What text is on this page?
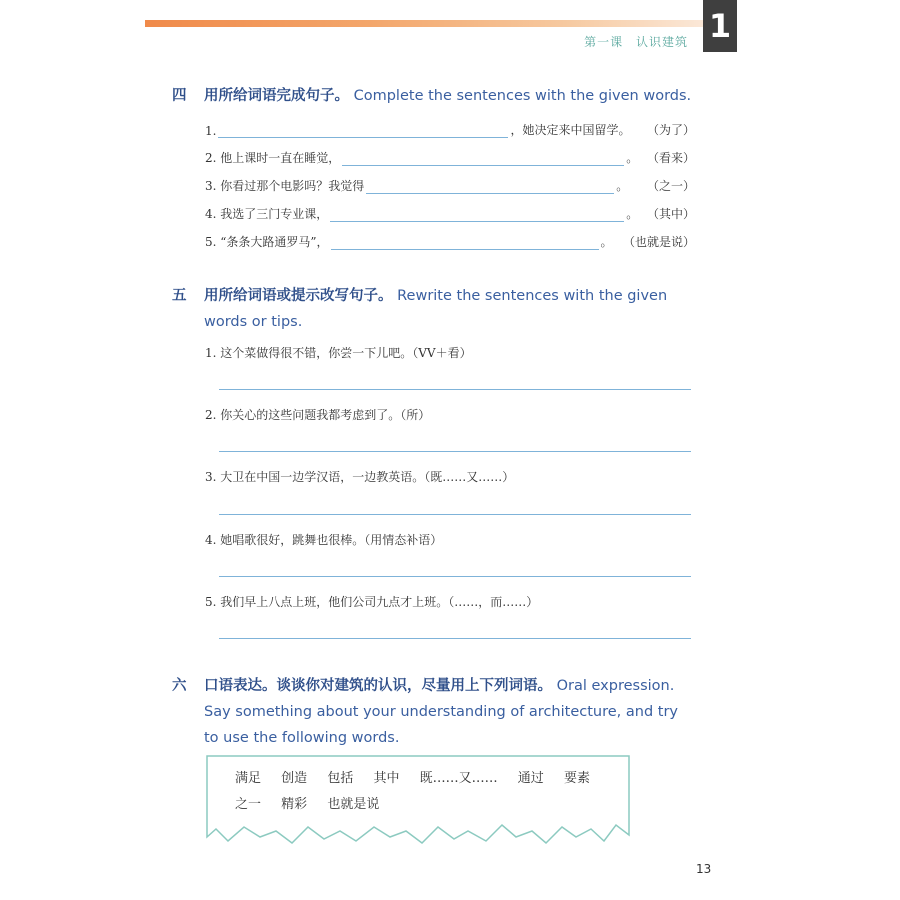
1
第一课 认识建筑
四	用所给词语完成句子。 Complete the sentences with the given words.
1.	，她决定来中国留学。 （为了）
2. 他上课时一直在睡觉，	。 （看来）
3. 你看过那个电影吗？我觉得	。 （之一）
4. 我选了三门专业课，	。 （其中）
5. “条条大路通罗马”，	。 （也就是说）
五	用所给词语或提示改写句子。 Rewrite the sentences with the given words or tips.
1. 这个菜做得很不错，你尝一下儿吧。（VV＋看）
2. 你关心的这些问题我都考虑到了。（所）
3. 大卫在中国一边学汉语，一边教英语。（既……又……）
4. 她唱歌很好，跳舞也很棒。（用情态补语）
5. 我们早上八点上班，他们公司九点才上班。（……，而……）
六	口语表达。谈谈你对建筑的认识，尽量用上下列词语。 Oral expression. Say something about your understanding of architecture, and try to use the following words.
满足 创造 包括 其中 既……又…… 通过 要素
之一 精彩 也就是说
13
